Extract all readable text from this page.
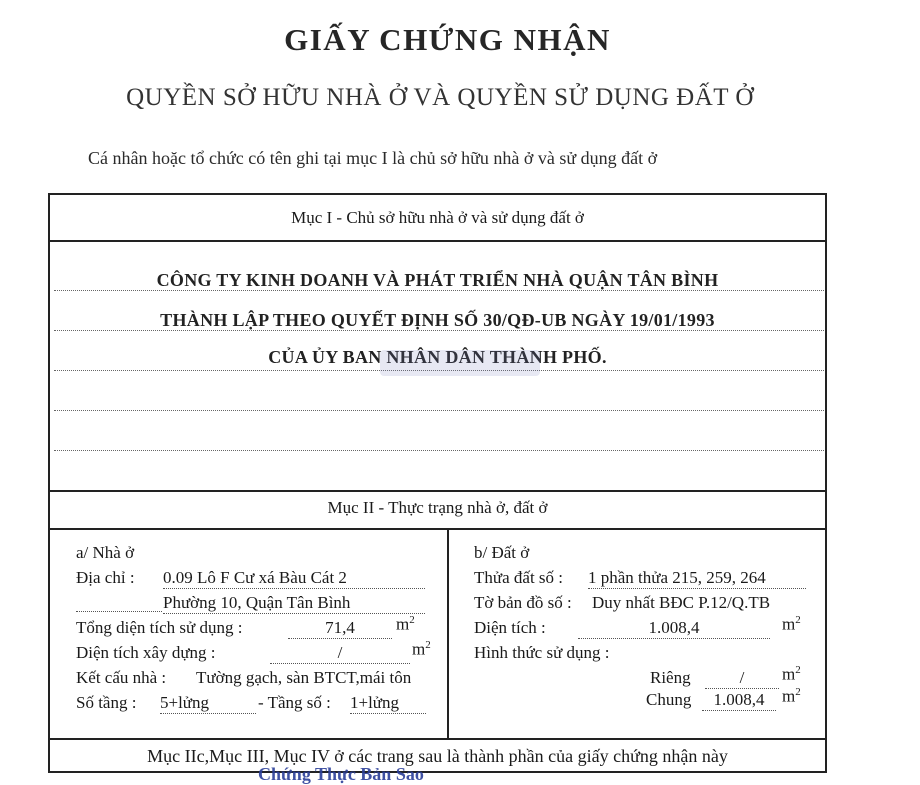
GIẤY CHỨNG NHẬN
QUYỀN SỞ HỮU NHÀ Ở VÀ QUYỀN SỬ DỤNG ĐẤT Ở
Cá nhân hoặc tổ chức có tên ghi tại mục I là chủ sở hữu nhà ở và sử dụng đất ở
Mục I - Chủ sở hữu nhà ở và sử dụng đất ở
CÔNG TY KINH DOANH VÀ PHÁT TRIỂN NHÀ QUẬN TÂN BÌNH
THÀNH LẬP THEO QUYẾT ĐỊNH SỐ 30/QĐ-UB NGÀY 19/01/1993
CỦA ỦY BAN NHÂN DÂN THÀNH PHỐ.
Mục II - Thực trạng nhà ở, đất ở
a/ Nhà ở
Địa chỉ : 0.09 Lô F Cư xá Bàu Cát 2
Phường 10, Quận Tân Bình
Tổng diện tích sử dụng :	71,4	$m^2$
Diện tích xây dựng :	/	$m^2$
Kết cấu nhà : Tường gạch, sàn BTCT,mái tôn
Số tầng : 5+lửng	- Tầng số : 1+lửng
b/ Đất ở
Thửa đất số : 1 phần thửa 215, 259, 264
Tờ bản đồ số : Duy nhất BĐC P.12/Q.TB
Diện tích :	1.008,4	$m^2$
Hình thức sử dụng :
Riêng	/	$m^2$
Chung	1.008,4	$m^2$
Mục IIc,Mục III, Mục IV ở các trang sau là thành phần của giấy chứng nhận này
Chứng Thực Bản Sao
